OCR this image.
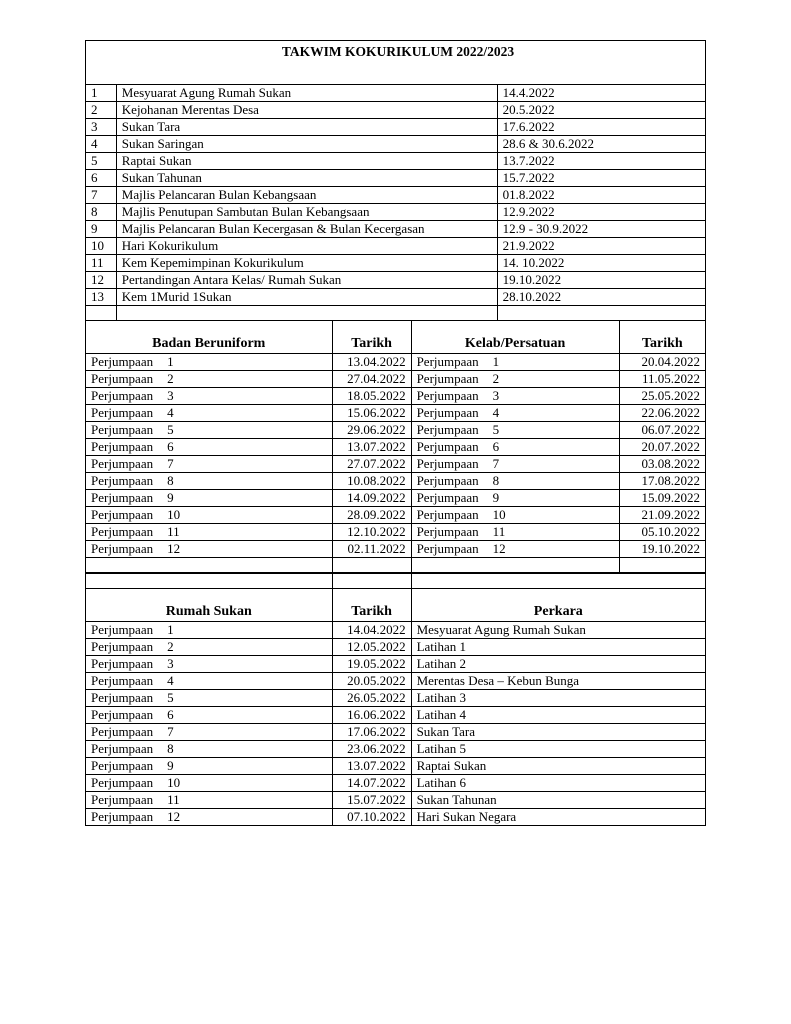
TAKWIM KOKURIKULUM 2022/2023
1	Mesyuarat Agung Rumah Sukan	14.4.2022
2	Kejohanan Merentas Desa	20.5.2022
3	Sukan Tara	17.6.2022
4	Sukan Saringan	28.6 & 30.6.2022
5	Raptai Sukan	13.7.2022
6	Sukan Tahunan	15.7.2022
7	Majlis Pelancaran Bulan Kebangsaan	01.8.2022
8	Majlis Penutupan Sambutan Bulan Kebangsaan	12.9.2022
9	Majlis Pelancaran Bulan Kecergasan & Bulan Kecergasan	12.9 - 30.9.2022
10	Hari Kokurikulum	21.9.2022
11	Kem Kepemimpinan Kokurikulum	14. 10.2022
12	Pertandingan Antara Kelas/ Rumah Sukan	19.10.2022
13	Kem 1Murid 1Sukan	28.10.2022

Badan Beruniform	Tarikh	Kelab/Persatuan	Tarikh
Perjumpaan 1	13.04.2022	Perjumpaan 1	20.04.2022
Perjumpaan 2	27.04.2022	Perjumpaan 2	11.05.2022
Perjumpaan 3	18.05.2022	Perjumpaan 3	25.05.2022
Perjumpaan 4	15.06.2022	Perjumpaan 4	22.06.2022
Perjumpaan 5	29.06.2022	Perjumpaan 5	06.07.2022
Perjumpaan 6	13.07.2022	Perjumpaan 6	20.07.2022
Perjumpaan 7	27.07.2022	Perjumpaan 7	03.08.2022
Perjumpaan 8	10.08.2022	Perjumpaan 8	17.08.2022
Perjumpaan 9	14.09.2022	Perjumpaan 9	15.09.2022
Perjumpaan 10	28.09.2022	Perjumpaan 10	21.09.2022
Perjumpaan 11	12.10.2022	Perjumpaan 11	05.10.2022
Perjumpaan 12	02.11.2022	Perjumpaan 12	19.10.2022

Rumah Sukan	Tarikh	Perkara
Perjumpaan 1	14.04.2022	Mesyuarat Agung Rumah Sukan
Perjumpaan 2	12.05.2022	Latihan 1
Perjumpaan 3	19.05.2022	Latihan 2
Perjumpaan 4	20.05.2022	Merentas Desa – Kebun Bunga
Perjumpaan 5	26.05.2022	Latihan 3
Perjumpaan 6	16.06.2022	Latihan 4
Perjumpaan 7	17.06.2022	Sukan Tara
Perjumpaan 8	23.06.2022	Latihan 5
Perjumpaan 9	13.07.2022	Raptai Sukan
Perjumpaan 10	14.07.2022	Latihan 6
Perjumpaan 11	15.07.2022	Sukan Tahunan
Perjumpaan 12	07.10.2022	Hari Sukan Negara
